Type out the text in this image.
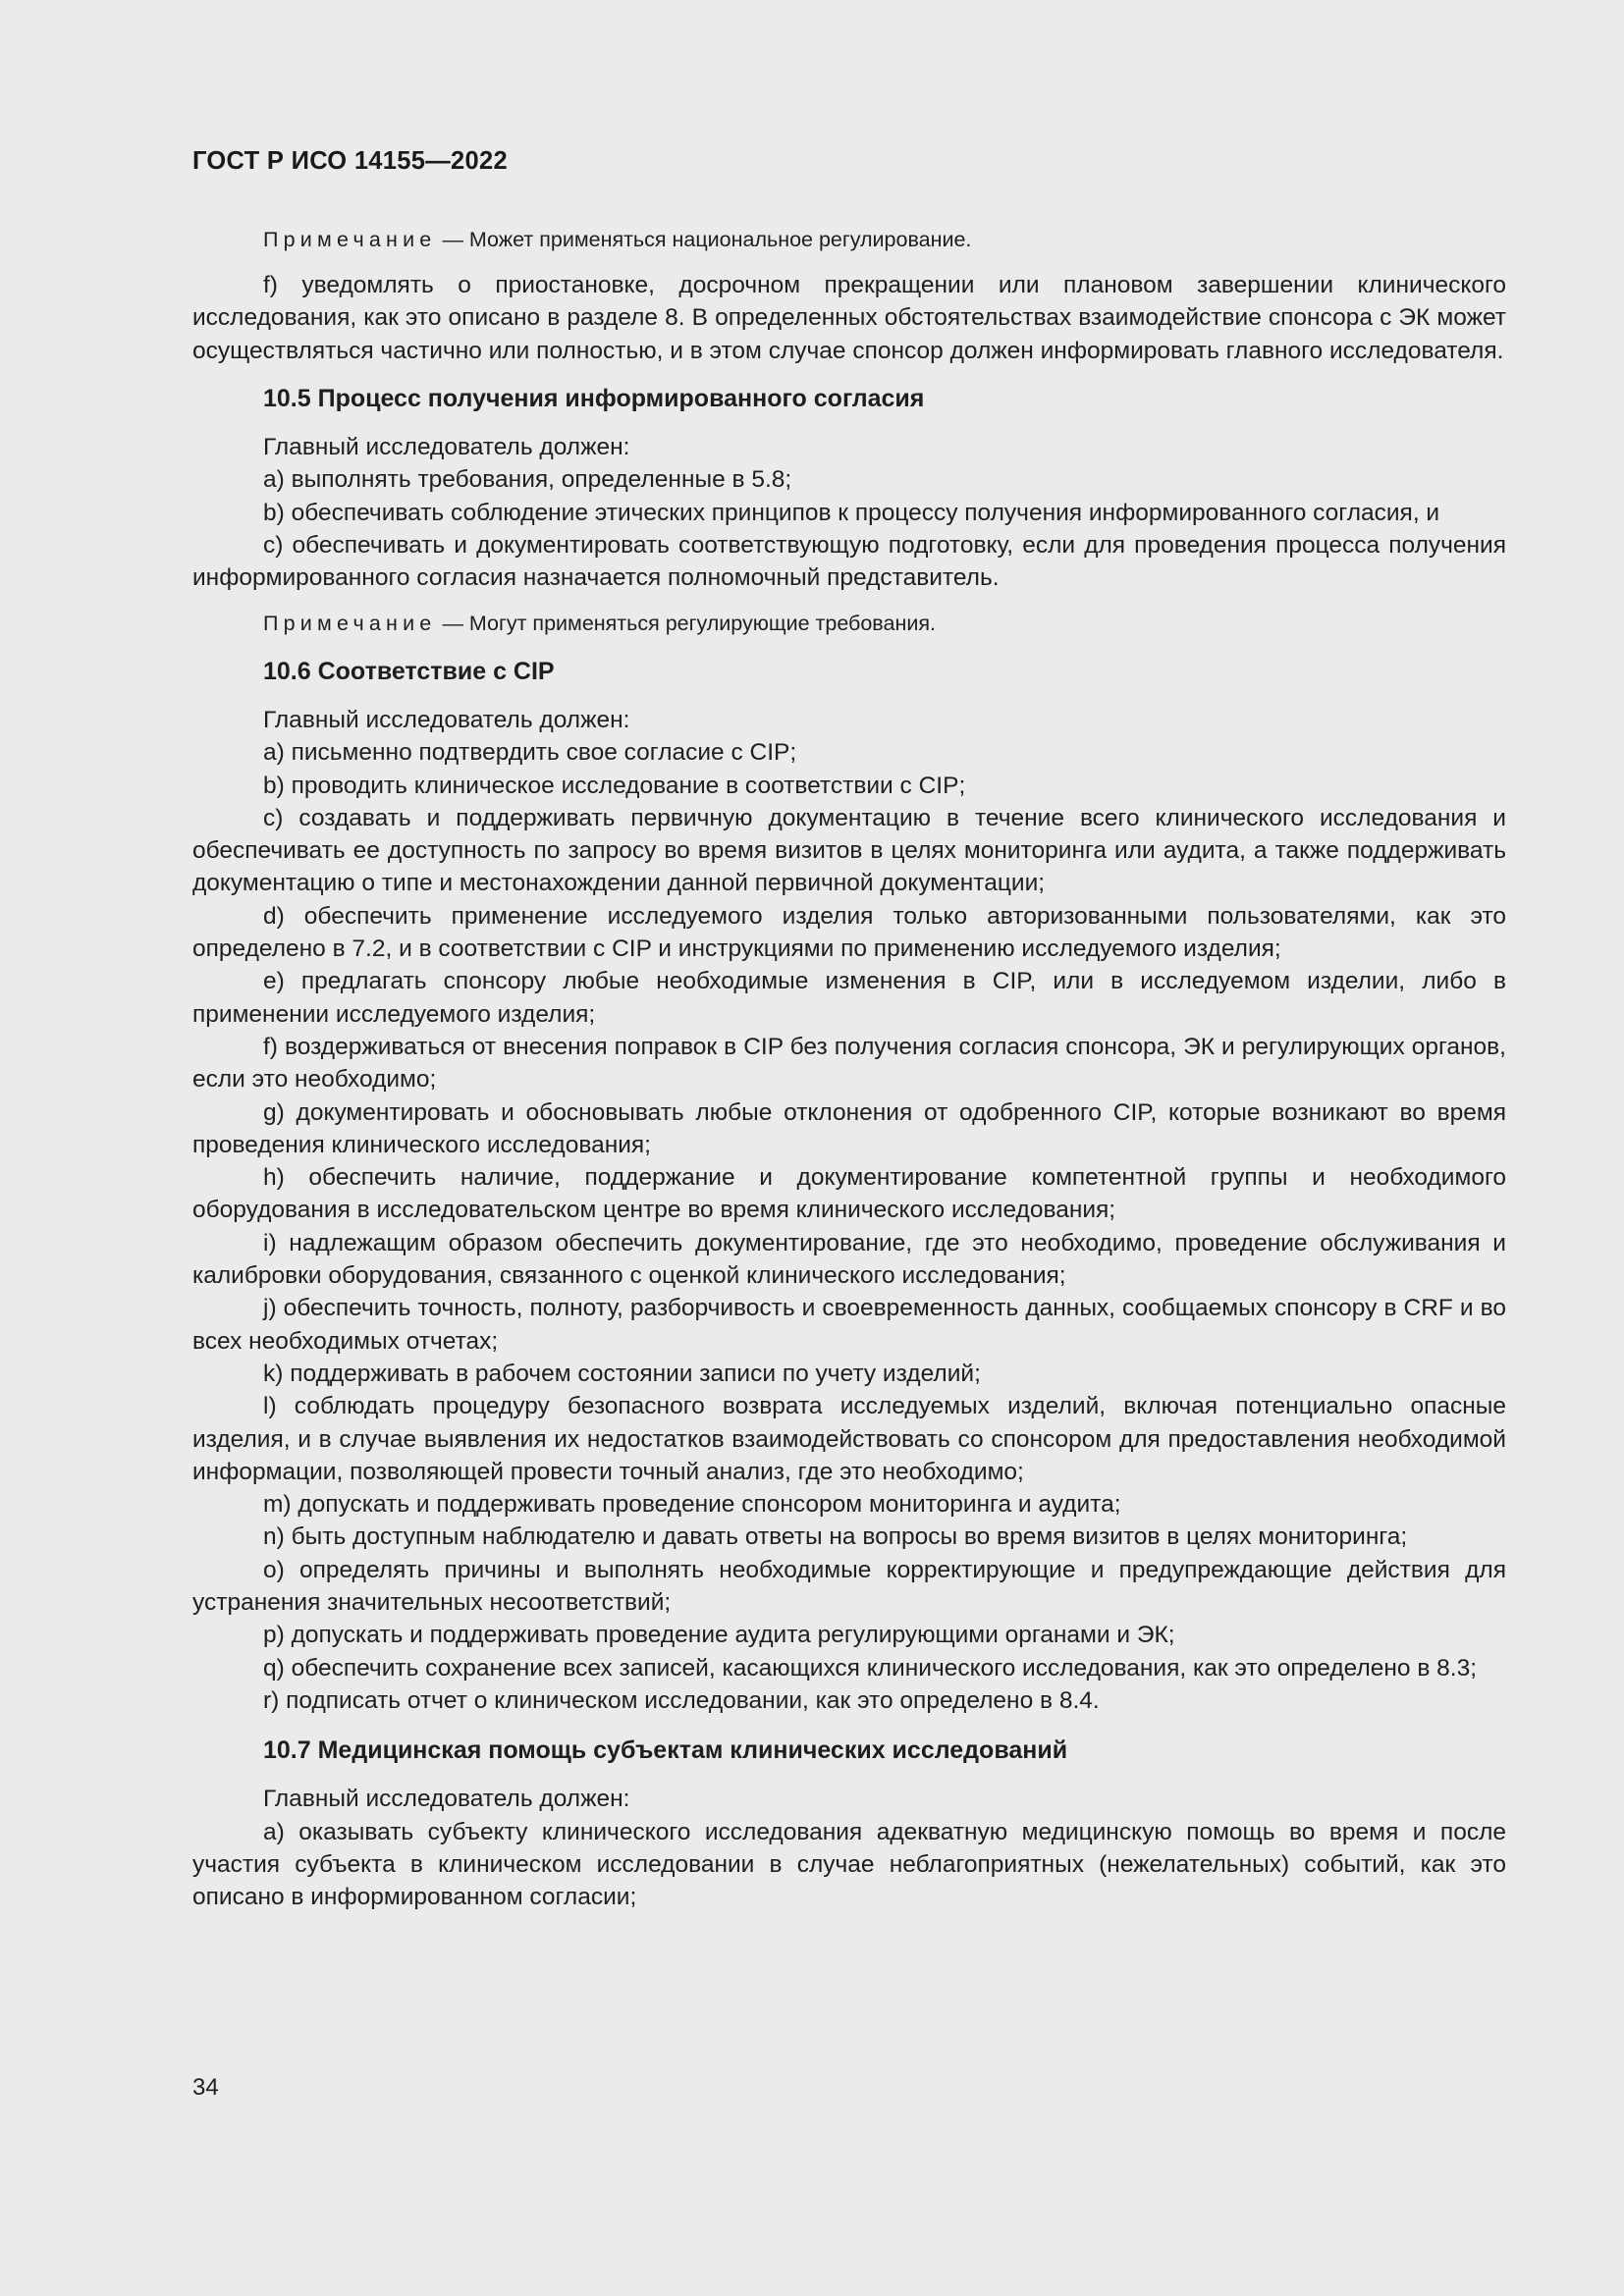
ГОСТ Р ИСО 14155—2022

Примечание — Может применяться национальное регулирование.

f) уведомлять о приостановке, досрочном прекращении или плановом завершении клинического исследования, как это описано в разделе 8. В определенных обстоятельствах взаимодействие спонсора с ЭК может осуществляться частично или полностью, и в этом случае спонсор должен информировать главного исследователя.

10.5 Процесс получения информированного согласия

Главный исследователь должен:

a) выполнять требования, определенные в 5.8;

b) обеспечивать соблюдение этических принципов к процессу получения информированного согласия, и

c) обеспечивать и документировать соответствующую подготовку, если для проведения процесса получения информированного согласия назначается полномочный представитель.

Примечание — Могут применяться регулирующие требования.

10.6 Соответствие с CIP

Главный исследователь должен:

a) письменно подтвердить свое согласие с CIP;

b) проводить клиническое исследование в соответствии с CIP;

c) создавать и поддерживать первичную документацию в течение всего клинического исследования и обеспечивать ее доступность по запросу во время визитов в целях мониторинга или аудита, а также поддерживать документацию о типе и местонахождении данной первичной документации;

d) обеспечить применение исследуемого изделия только авторизованными пользователями, как это определено в 7.2, и в соответствии с CIP и инструкциями по применению исследуемого изделия;

e) предлагать спонсору любые необходимые изменения в CIP, или в исследуемом изделии, либо в применении исследуемого изделия;

f) воздерживаться от внесения поправок в CIP без получения согласия спонсора, ЭК и регулирующих органов, если это необходимо;

g) документировать и обосновывать любые отклонения от одобренного CIP, которые возникают во время проведения клинического исследования;

h) обеспечить наличие, поддержание и документирование компетентной группы и необходимого оборудования в исследовательском центре во время клинического исследования;

i) надлежащим образом обеспечить документирование, где это необходимо, проведение обслуживания и калибровки оборудования, связанного с оценкой клинического исследования;

j) обеспечить точность, полноту, разборчивость и своевременность данных, сообщаемых спонсору в CRF и во всех необходимых отчетах;

k) поддерживать в рабочем состоянии записи по учету изделий;

l) соблюдать процедуру безопасного возврата исследуемых изделий, включая потенциально опасные изделия, и в случае выявления их недостатков взаимодействовать со спонсором для предоставления необходимой информации, позволяющей провести точный анализ, где это необходимо;

m) допускать и поддерживать проведение спонсором мониторинга и аудита;

n) быть доступным наблюдателю и давать ответы на вопросы во время визитов в целях мониторинга;

o) определять причины и выполнять необходимые корректирующие и предупреждающие действия для устранения значительных несоответствий;

p) допускать и поддерживать проведение аудита регулирующими органами и ЭК;

q) обеспечить сохранение всех записей, касающихся клинического исследования, как это определено в 8.3;

r) подписать отчет о клиническом исследовании, как это определено в 8.4.

10.7 Медицинская помощь субъектам клинических исследований

Главный исследователь должен:

a) оказывать субъекту клинического исследования адекватную медицинскую помощь во время и после участия субъекта в клиническом исследовании в случае неблагоприятных (нежелательных) событий, как это описано в информированном согласии;

34
